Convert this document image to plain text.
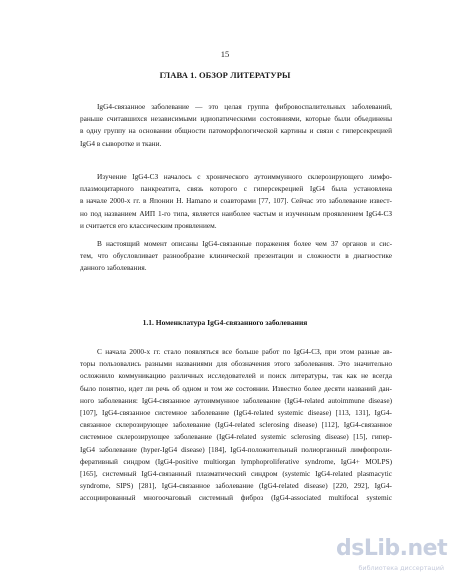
15
ГЛАВА 1. ОБЗОР ЛИТЕРАТУРЫ
IgG4-связанное заболевание — это целая группа фибровоспалительных заболеваний,
раньше считавшихся независимыми идиопатическими состояниями, которые были объединены
в одну группу на основании общности патоморфологической картины и связи с гиперсекрецией
IgG4 в сыворотке и ткани.
Изучение IgG4-СЗ началось с хронического аутоиммунного склерозирующего лимфо-
плазмоцитарного панкреатита, связь которого с гиперсекрецией IgG4 была установлена
в начале 2000-х гг. в Японии H. Hamano и соавторами [77, 107]. Сейчас это заболевание извест-
но под названием АИП 1-го типа, является наиболее частым и изученным проявлением IgG4-СЗ
и считается его классическим проявлением.
В настоящий момент описаны IgG4-связанные поражения более чем 37 органов и сис-
тем, что обусловливает разнообразие клинической презентации и сложности в диагностике
данного заболевания.
1.1. Номенклатура IgG4-связанного заболевания
С начала 2000-х гг. стало появляться все больше работ по IgG4-СЗ, при этом разные ав-
торы пользовались разными названиями для обозначения этого заболевания. Это значительно
осложнило коммуникацию различных исследователей и поиск литературы, так как не всегда
было понятно, идет ли речь об одном и том же состоянии. Известно более десяти названий дан-
ного заболевания: IgG4-связанное аутоиммунное заболевание (IgG4-related autoimmune disease)
[107], IgG4-связанное системное заболевание (IgG4-related systemic disease) [113, 131], IgG4-
связанное склерозирующее заболевание (IgG4-related sclerosing disease) [112], IgG4-связанное
системное склерозирующее заболевание (IgG4-related systemic sclerosing disease) [15], гипер-
IgG4 заболевание (hyper-IgG4 disease) [184], IgG4-положительный полиорганный лимфопроли-
феративный синдром (IgG4-positive multiorgan lymphoproliferative syndrome, IgG4+ MOLPS)
[165], системный IgG4-связанный плазматический синдром (systemic IgG4-related plasmacytic
syndrome, SIPS) [281], IgG4-связанное заболевание (IgG4-related disease) [220, 292], IgG4-
ассоциированный многоочаговый системный фиброз (IgG4-associated multifocal systemic
dsLib.net
библиотека диссертаций
